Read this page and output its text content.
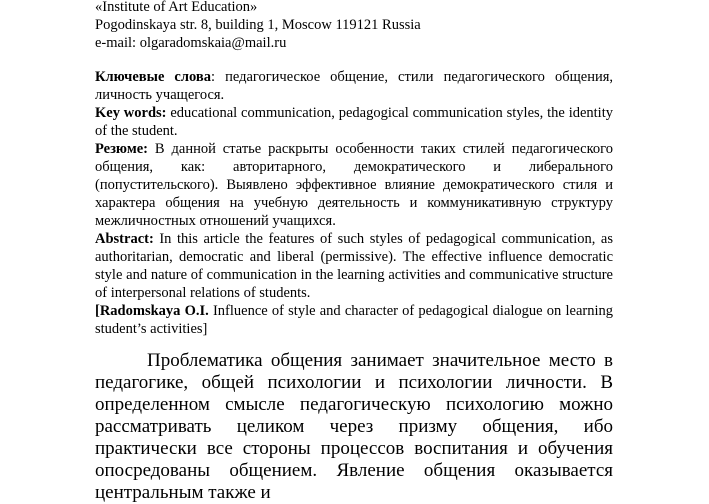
«Institute of Art Education»
Pogodinskaya str. 8, building 1, Moscow 119121 Russia
e-mail: olgaradomskaia@mail.ru

Ключевые слова: педагогическое общение, стили педагогического общения, личность учащегося.

Key words: educational communication, pedagogical communication styles, the identity of the student.

Резюме: В данной статье раскрыты особенности таких стилей педагогического общения, как: авторитарного, демократического и либерального (попустительского). Выявлено эффективное влияние демократического стиля и характера общения на учебную деятельность и коммуникативную структуру межличностных отношений учащихся.

Abstract: In this article the features of such styles of pedagogical communication, as authoritarian, democratic and liberal (permissive). The effective influence democratic style and nature of communication in the learning activities and communicative structure of interpersonal relations of students.

[Radomskaya O.I. Influence of style and character of pedagogical dialogue on learning student’s activities]

Проблематика общения занимает значительное место в педагогике, общей психологии и психологии личности. В определенном смысле педагогическую психологию можно рассматривать целиком через призму общения, ибо практически все стороны процессов воспитания и обучения опосредованы общением. Явление общения оказывается центральным также и
